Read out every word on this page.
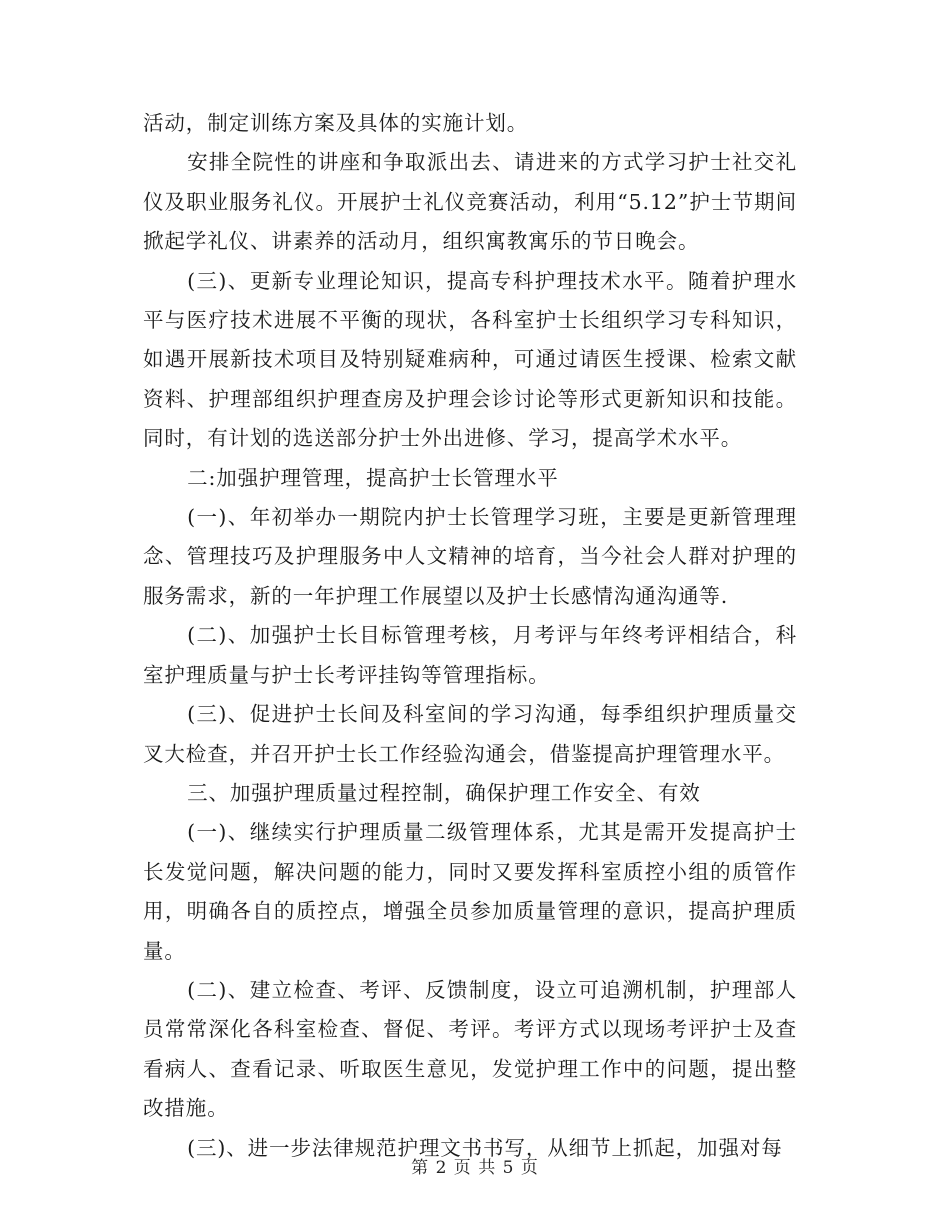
活动，制定训练方案及具体的实施计划。

安排全院性的讲座和争取派出去、请进来的方式学习护士社交礼仪及职业服务礼仪。开展护士礼仪竞赛活动，利用“5.12”护士节期间掀起学礼仪、讲素养的活动月，组织寓教寓乐的节日晚会。

(三)、更新专业理论知识，提高专科护理技术水平。随着护理水平与医疗技术进展不平衡的现状，各科室护士长组织学习专科知识，如遇开展新技术项目及特别疑难病种，可通过请医生授课、检索文献资料、护理部组织护理查房及护理会诊讨论等形式更新知识和技能。同时，有计划的选送部分护士外出进修、学习，提高学术水平。

二:加强护理管理，提高护士长管理水平

(一)、年初举办一期院内护士长管理学习班，主要是更新管理理念、管理技巧及护理服务中人文精神的培育，当今社会人群对护理的服务需求，新的一年护理工作展望以及护士长感情沟通沟通等.

(二)、加强护士长目标管理考核，月考评与年终考评相结合，科室护理质量与护士长考评挂钩等管理指标。

(三)、促进护士长间及科室间的学习沟通，每季组织护理质量交叉大检查，并召开护士长工作经验沟通会，借鉴提高护理管理水平。

三、加强护理质量过程控制，确保护理工作安全、有效

(一)、继续实行护理质量二级管理体系，尤其是需开发提高护士长发觉问题，解决问题的能力，同时又要发挥科室质控小组的质管作用，明确各自的质控点，增强全员参加质量管理的意识，提高护理质量。

(二)、建立检查、考评、反馈制度，设立可追溯机制，护理部人员常常深化各科室检查、督促、考评。考评方式以现场考评护士及查看病人、查看记录、听取医生意见，发觉护理工作中的问题，提出整改措施。

(三)、进一步法律规范护理文书书写，从细节上抓起，加强对每

第 2 页 共 5 页
